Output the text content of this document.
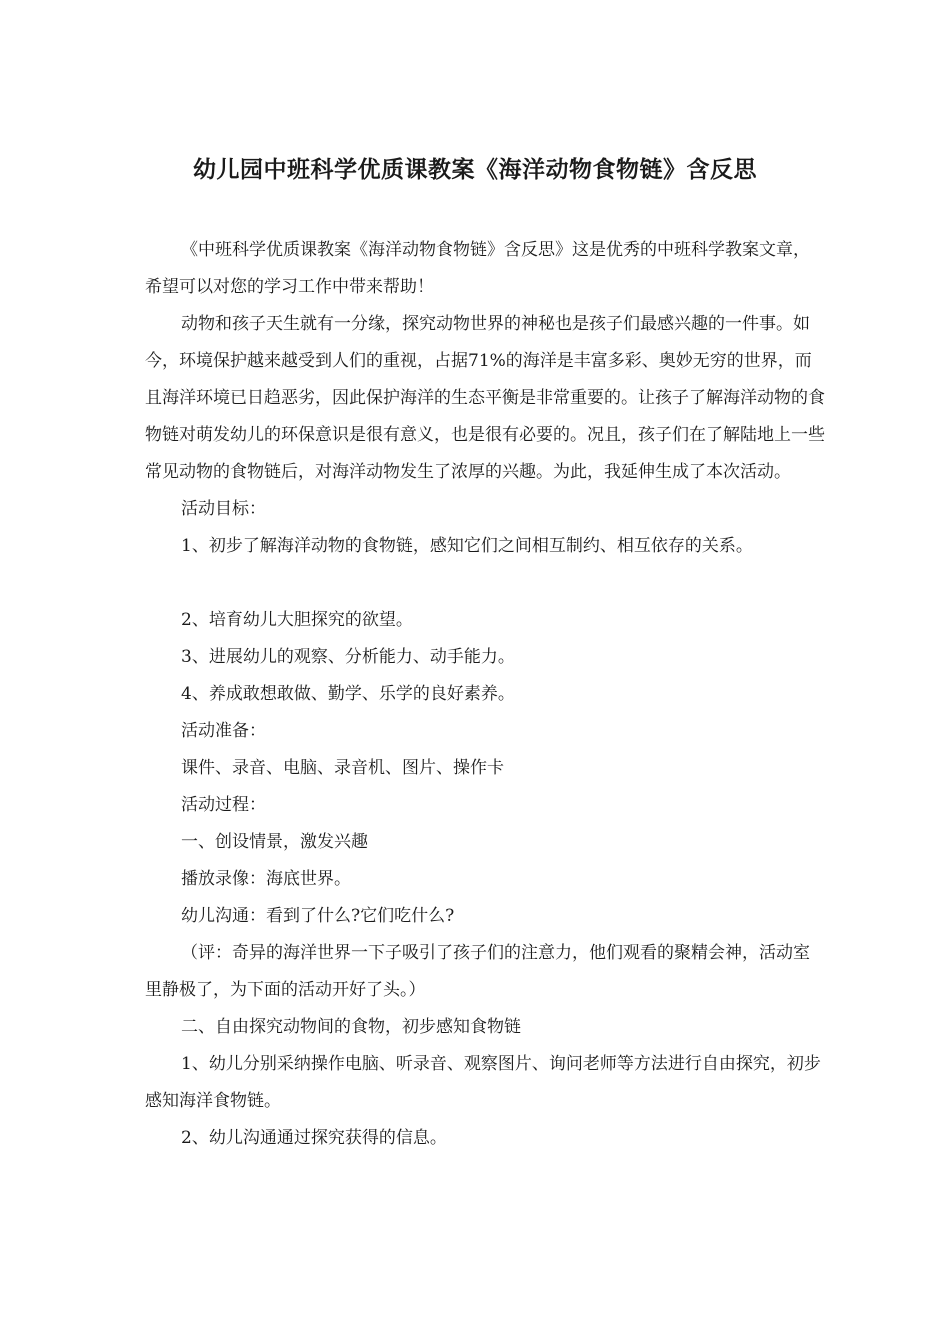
幼儿园中班科学优质课教案《海洋动物食物链》含反思

《中班科学优质课教案《海洋动物食物链》含反思》这是优秀的中班科学教案文章，希望可以对您的学习工作中带来帮助！

动物和孩子天生就有一分缘，探究动物世界的神秘也是孩子们最感兴趣的一件事。如今，环境保护越来越受到人们的重视，占据71%的海洋是丰富多彩、奥妙无穷的世界，而且海洋环境已日趋恶劣，因此保护海洋的生态平衡是非常重要的。让孩子了解海洋动物的食物链对萌发幼儿的环保意识是很有意义，也是很有必要的。况且，孩子们在了解陆地上一些常见动物的食物链后，对海洋动物发生了浓厚的兴趣。为此，我延伸生成了本次活动。

活动目标：

1、初步了解海洋动物的食物链，感知它们之间相互制约、相互依存的关系。

2、培育幼儿大胆探究的欲望。

3、进展幼儿的观察、分析能力、动手能力。

4、养成敢想敢做、勤学、乐学的良好素养。

活动准备：

课件、录音、电脑、录音机、图片、操作卡

活动过程：

一、创设情景，激发兴趣

播放录像：海底世界。

幼儿沟通：看到了什么?它们吃什么?

（评：奇异的海洋世界一下子吸引了孩子们的注意力，他们观看的聚精会神，活动室里静极了，为下面的活动开好了头。）

二、自由探究动物间的食物，初步感知食物链

1、幼儿分别采纳操作电脑、听录音、观察图片、询问老师等方法进行自由探究，初步感知海洋食物链。

2、幼儿沟通通过探究获得的信息。
